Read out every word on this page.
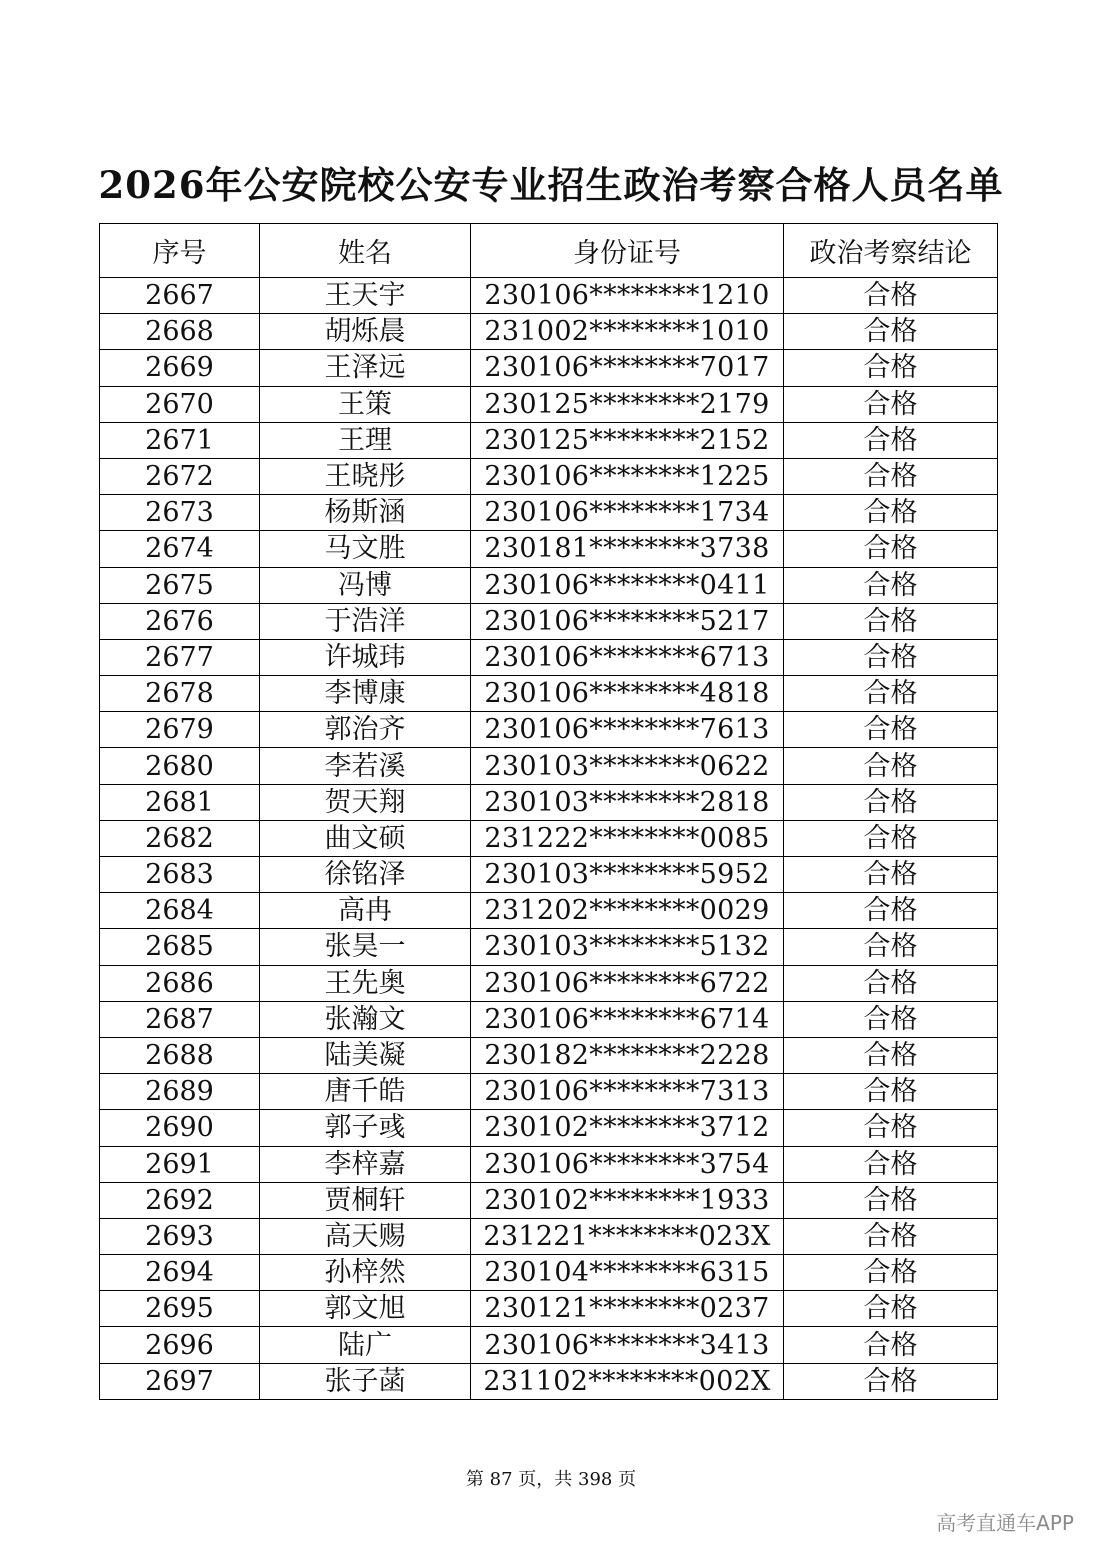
2026年公安院校公安专业招生政治考察合格人员名单
序号	姓名	身份证号	政治考察结论
2667	王天宇	230106********1210	合格
2668	胡烁晨	231002********1010	合格
2669	王泽远	230106********7017	合格
2670	王策	230125********2179	合格
2671	王理	230125********2152	合格
2672	王晓彤	230106********1225	合格
2673	杨斯涵	230106********1734	合格
2674	马文胜	230181********3738	合格
2675	冯博	230106********0411	合格
2676	于浩洋	230106********5217	合格
2677	许城玮	230106********6713	合格
2678	李博康	230106********4818	合格
2679	郭治齐	230106********7613	合格
2680	李若溪	230103********0622	合格
2681	贺天翔	230103********2818	合格
2682	曲文硕	231222********0085	合格
2683	徐铭泽	230103********5952	合格
2684	高冉	231202********0029	合格
2685	张昊一	230103********5132	合格
2686	王先奥	230106********6722	合格
2687	张瀚文	230106********6714	合格
2688	陆美凝	230182********2228	合格
2689	唐千皓	230106********7313	合格
2690	郭子彧	230102********3712	合格
2691	李梓嘉	230106********3754	合格
2692	贾桐轩	230102********1933	合格
2693	高天赐	231221********023X	合格
2694	孙梓然	230104********6315	合格
2695	郭文旭	230121********0237	合格
2696	陆广	230106********3413	合格
2697	张子菡	231102********002X	合格
第 87 页，共 398 页
高考直通车APP
